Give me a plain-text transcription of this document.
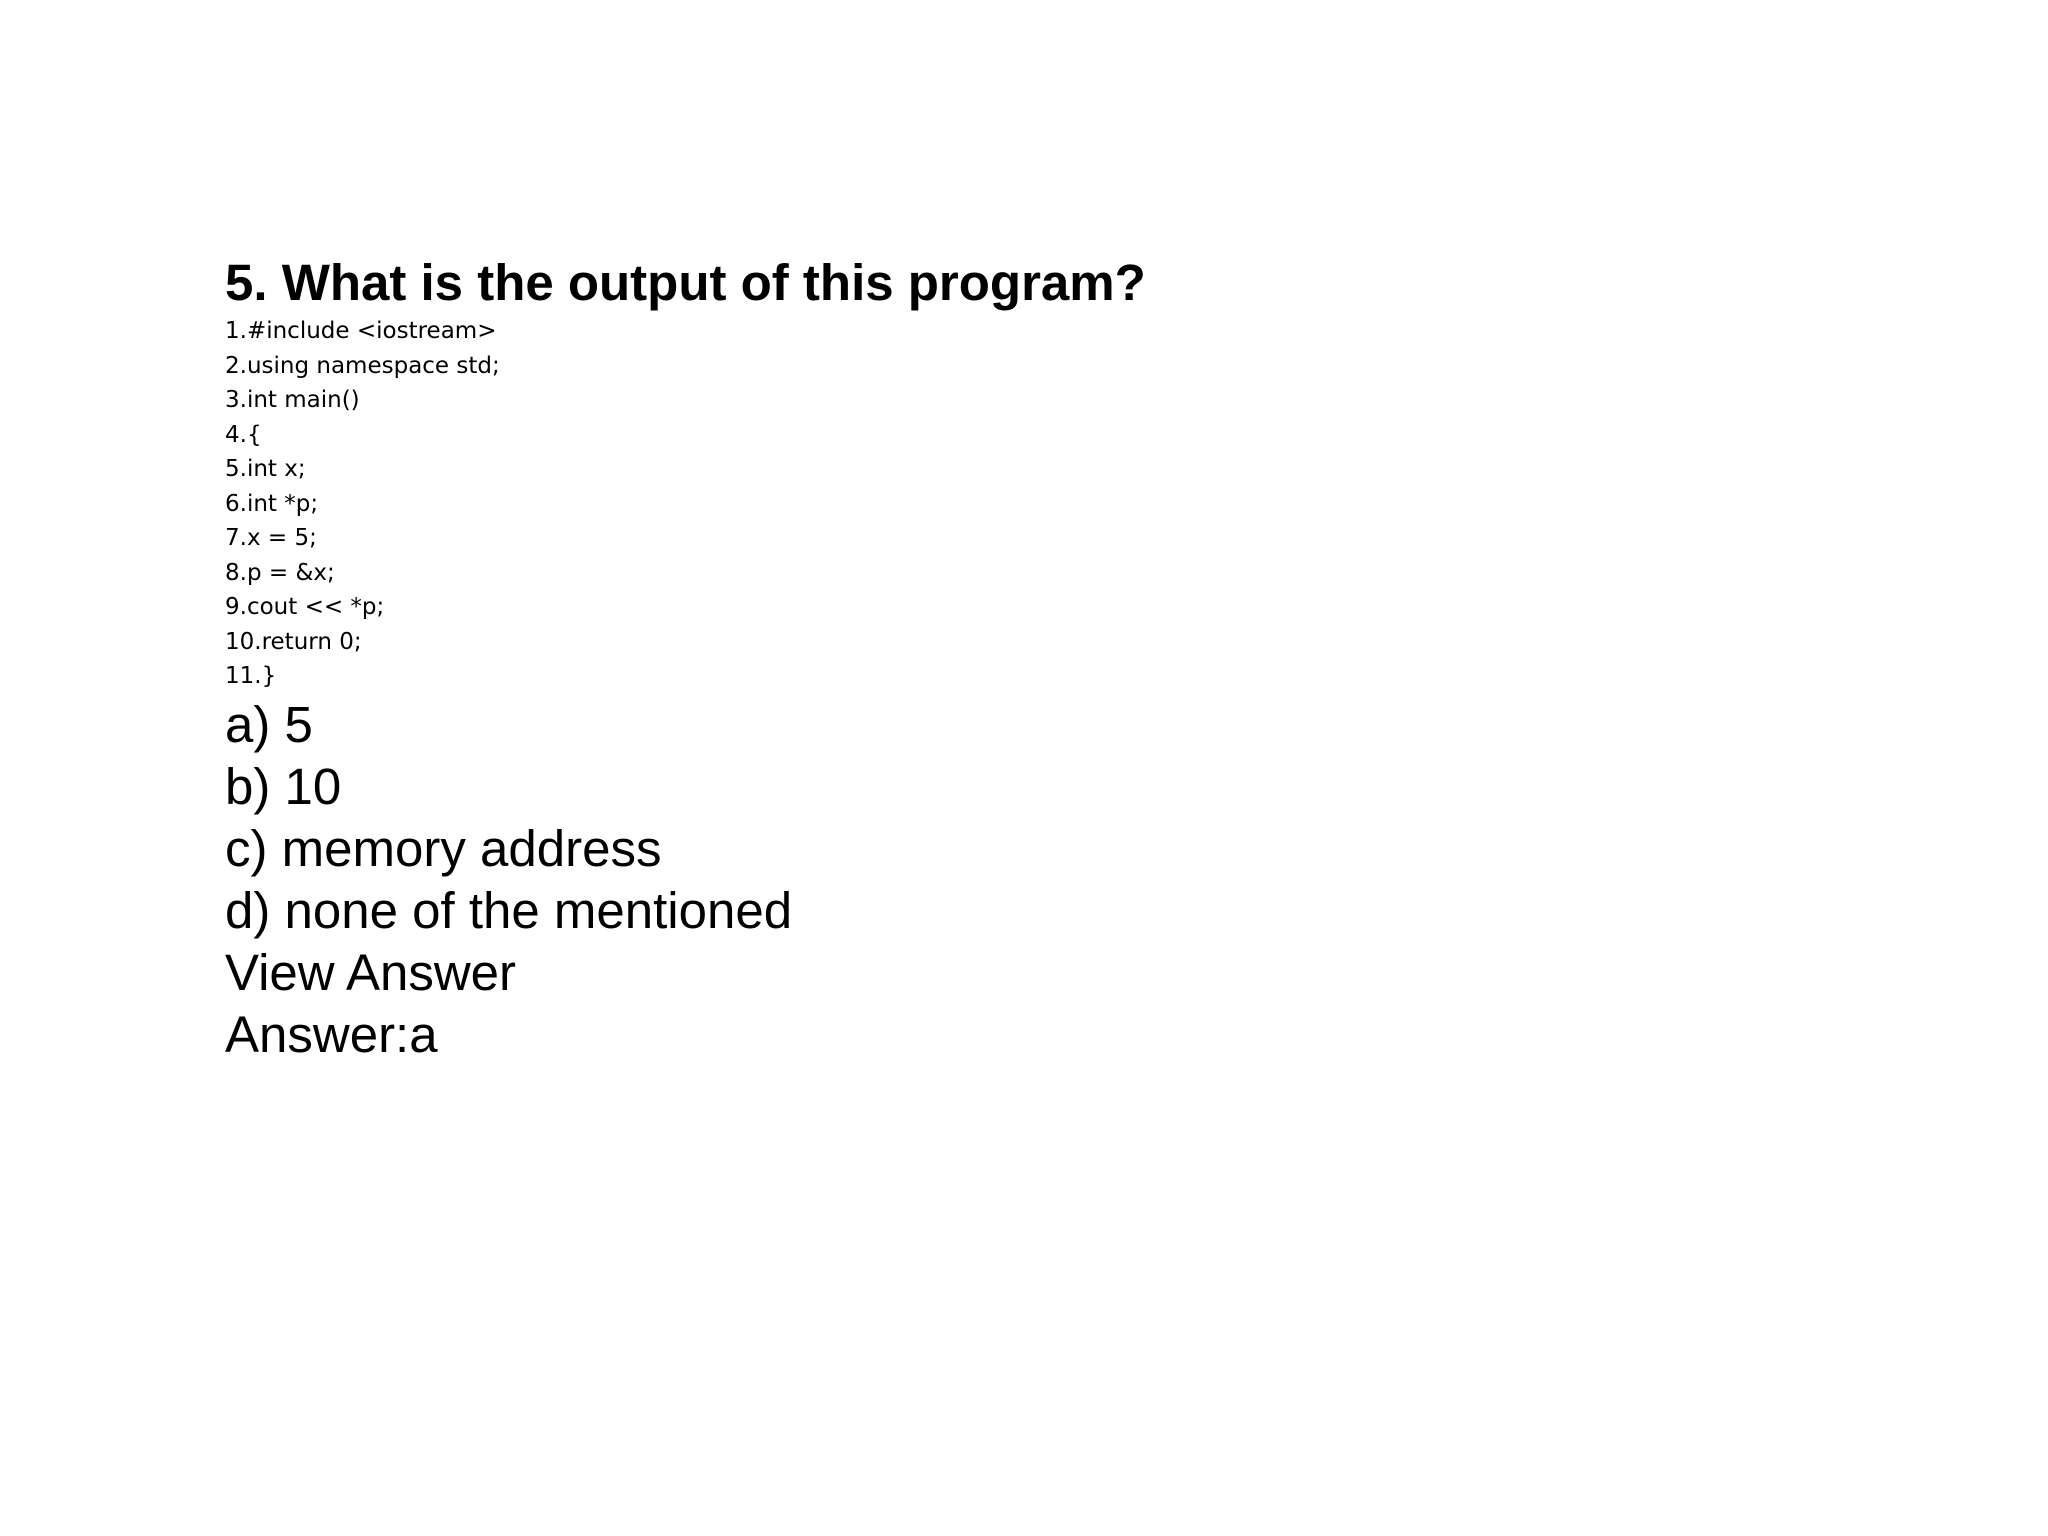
5. What is the output of this program?
1.#include <iostream>
2.using namespace std;
3.int main()
4.{
5.int x;
6.int *p;
7.x = 5;
8.p = &x;
9.cout << *p;
10.return 0;
11.}
a) 5
b) 10
c) memory address
d) none of the mentioned
View Answer
Answer:a
